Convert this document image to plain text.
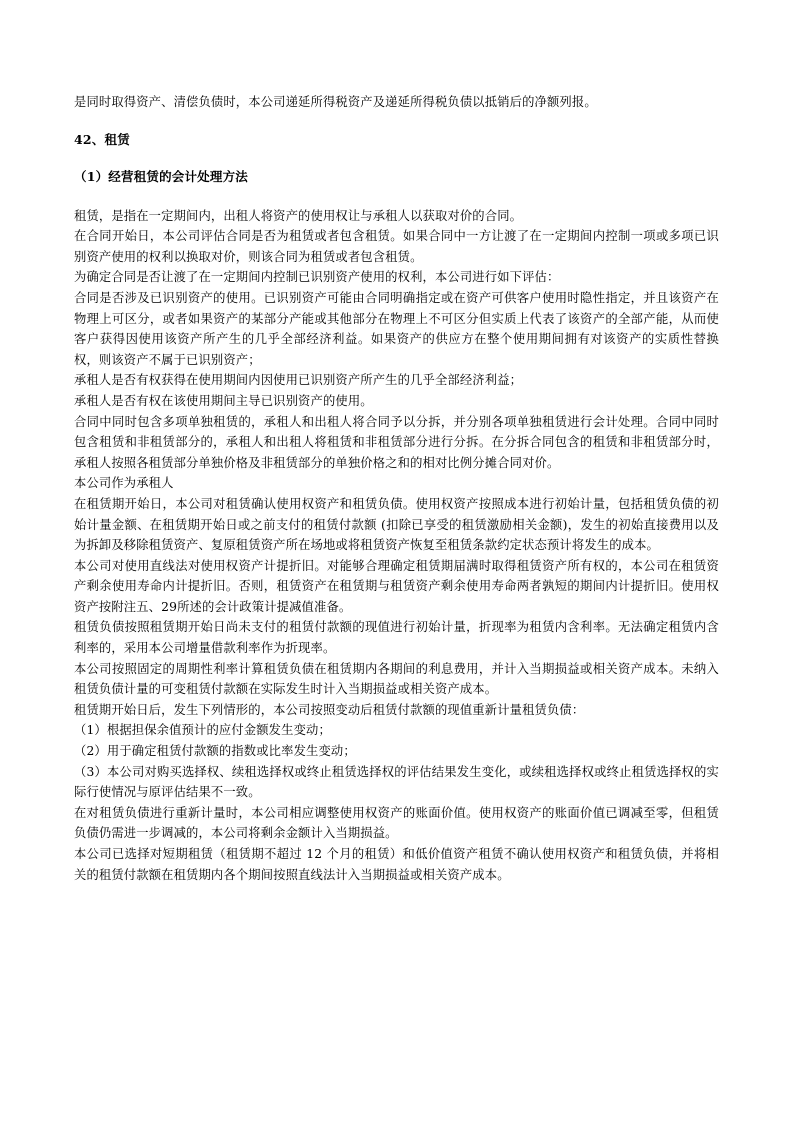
是同时取得资产、清偿负债时，本公司递延所得税资产及递延所得税负债以抵销后的净额列报。

42、租赁
（1）经营租赁的会计处理方法

租赁，是指在一定期间内，出租人将资产的使用权让与承租人以获取对价的合同。

在合同开始日，本公司评估合同是否为租赁或者包含租赁。如果合同中一方让渡了在一定期间内控制一项或多项已识别资产使用的权利以换取对价，则该合同为租赁或者包含租赁。

为确定合同是否让渡了在一定期间内控制已识别资产使用的权利，本公司进行如下评估：

合同是否涉及已识别资产的使用。已识别资产可能由合同明确指定或在资产可供客户使用时隐性指定，并且该资产在物理上可区分，或者如果资产的某部分产能或其他部分在物理上不可区分但实质上代表了该资产的全部产能，从而使客户获得因使用该资产所产生的几乎全部经济利益。如果资产的供应方在整个使用期间拥有对该资产的实质性替换权，则该资产不属于已识别资产；

承租人是否有权获得在使用期间内因使用已识别资产所产生的几乎全部经济利益；

承租人是否有权在该使用期间主导已识别资产的使用。

合同中同时包含多项单独租赁的，承租人和出租人将合同予以分拆，并分别各项单独租赁进行会计处理。合同中同时包含租赁和非租赁部分的，承租人和出租人将租赁和非租赁部分进行分拆。在分拆合同包含的租赁和非租赁部分时，承租人按照各租赁部分单独价格及非租赁部分的单独价格之和的相对比例分摊合同对价。

本公司作为承租人

在租赁期开始日，本公司对租赁确认使用权资产和租赁负债。使用权资产按照成本进行初始计量，包括租赁负债的初始计量金额、在租赁期开始日或之前支付的租赁付款额 (扣除已享受的租赁激励相关金额)，发生的初始直接费用以及为拆卸及移除租赁资产、复原租赁资产所在场地或将租赁资产恢复至租赁条款约定状态预计将发生的成本。

本公司对使用直线法对使用权资产计提折旧。对能够合理确定租赁期届满时取得租赁资产所有权的，本公司在租赁资产剩余使用寿命内计提折旧。否则，租赁资产在租赁期与租赁资产剩余使用寿命两者孰短的期间内计提折旧。使用权资产按附注五、29所述的会计政策计提减值准备。

租赁负债按照租赁期开始日尚未支付的租赁付款额的现值进行初始计量，折现率为租赁内含利率。无法确定租赁内含利率的，采用本公司增量借款利率作为折现率。

本公司按照固定的周期性利率计算租赁负债在租赁期内各期间的利息费用，并计入当期损益或相关资产成本。未纳入租赁负债计量的可变租赁付款额在实际发生时计入当期损益或相关资产成本。

租赁期开始日后，发生下列情形的，本公司按照变动后租赁付款额的现值重新计量租赁负债：

（1）根据担保余值预计的应付金额发生变动；

（2）用于确定租赁付款额的指数或比率发生变动；

（3）本公司对购买选择权、续租选择权或终止租赁选择权的评估结果发生变化，或续租选择权或终止租赁选择权的实际行使情况与原评估结果不一致。

在对租赁负债进行重新计量时，本公司相应调整使用权资产的账面价值。使用权资产的账面价值已调减至零，但租赁负债仍需进一步调减的，本公司将剩余金额计入当期损益。

本公司已选择对短期租赁（租赁期不超过 12 个月的租赁）和低价值资产租赁不确认使用权资产和租赁负债，并将相关的租赁付款额在租赁期内各个期间按照直线法计入当期损益或相关资产成本。
